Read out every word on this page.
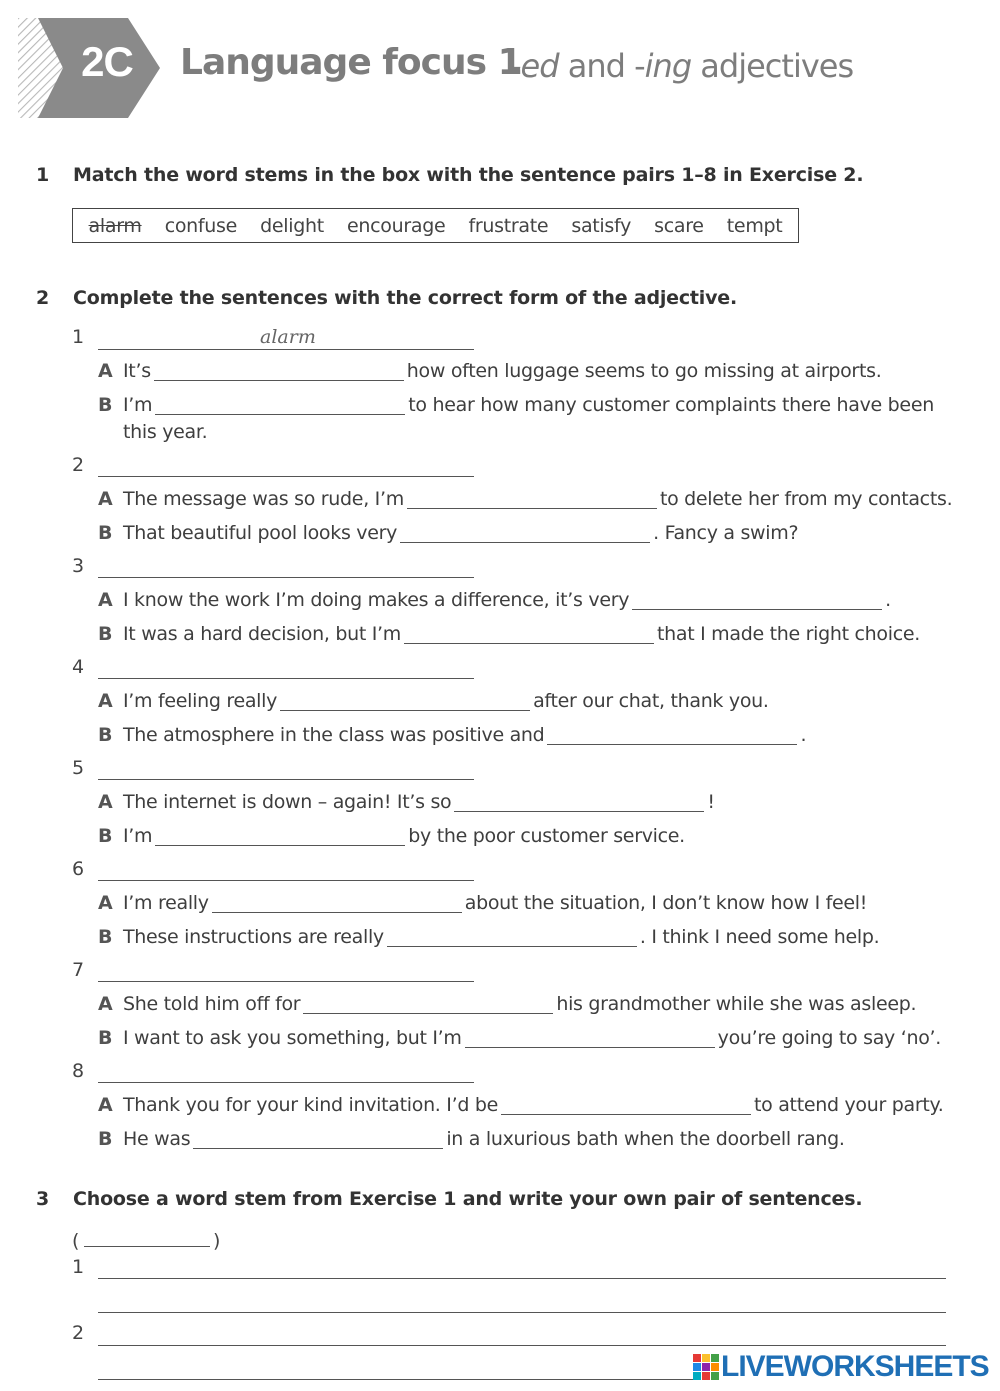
2C	Language focus 1
-ed and -ing adjectives
1 Match the word stems in the box with the sentence pairs 1–8 in Exercise 2.
alarm confuse delight encourage frustrate satisfy scare tempt
2 Complete the sentences with the correct form of the adjective.
1	alarm
A It’s	how often luggage seems to go missing at airports.
B I’m	to hear how many customer complaints there have been
this year.
2
A The message was so rude, I’m	to delete her from my contacts.
B That beautiful pool looks very	. Fancy a swim?
3
A I know the work I’m doing makes a difference, it’s very	.
B It was a hard decision, but I’m	that I made the right choice.
4
A I’m feeling really	after our chat, thank you.
B The atmosphere in the class was positive and	.
5
A The internet is down – again! It’s so	!
B I’m	by the poor customer service.
6
A I’m really	about the situation, I don’t know how I feel!
B These instructions are really	. I think I need some help.
7
A She told him off for	his grandmother while she was asleep.
B I want to ask you something, but I’m	you’re going to say ‘no’.
8
A Thank you for your kind invitation. I’d be	to attend your party.
B He was	in a luxurious bath when the doorbell rang.
3 Choose a word stem from Exercise 1 and write your own pair of sentences.
(	)
1
2
LIVEWORKSHEETS
